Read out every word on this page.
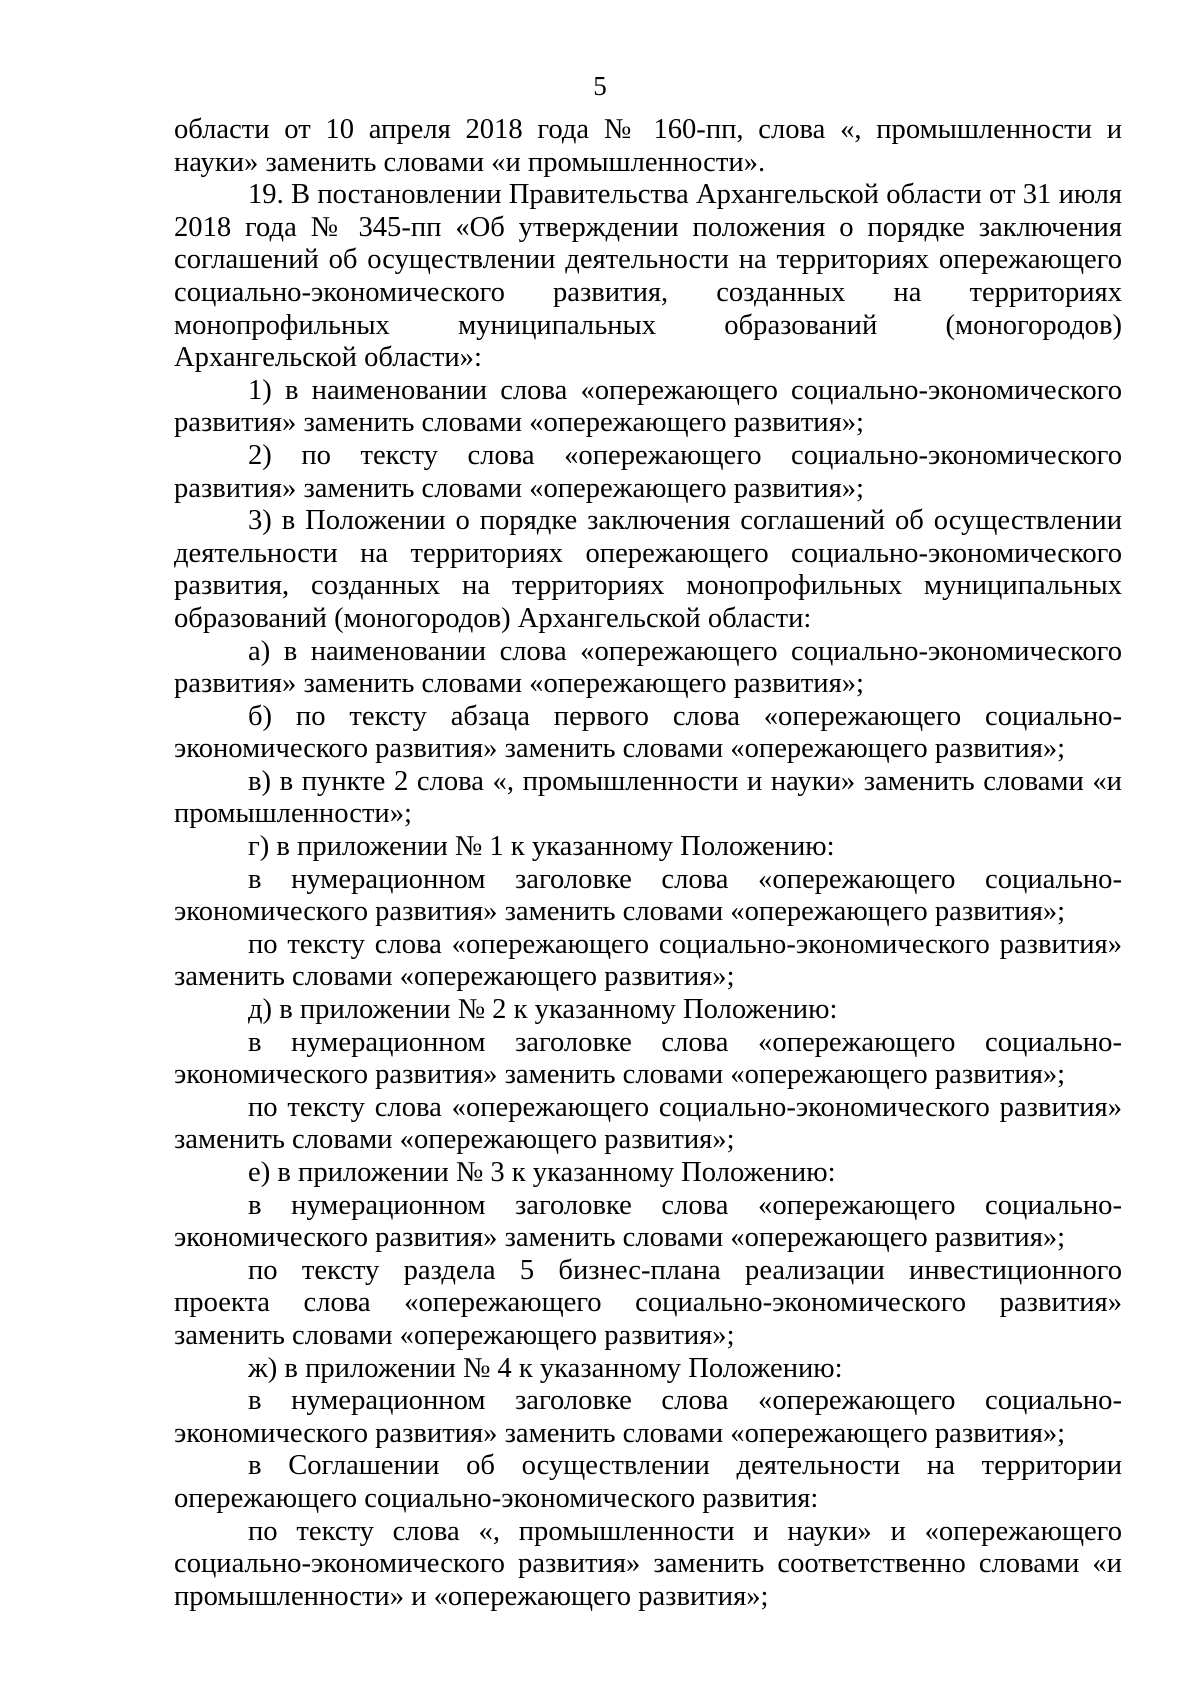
5

области от 10 апреля 2018 года № 160-пп, слова «, промышленности и науки» заменить словами «и промышленности».

19. В постановлении Правительства Архангельской области от 31 июля 2018 года № 345-пп «Об утверждении положения о порядке заключения соглашений об осуществлении деятельности на территориях опережающего социально-экономического развития, созданных на территориях монопрофильных муниципальных образований (моногородов) Архангельской области»:

1) в наименовании слова «опережающего социально-экономического развития» заменить словами «опережающего развития»;

2) по тексту слова «опережающего социально-экономического развития» заменить словами «опережающего развития»;

3) в Положении о порядке заключения соглашений об осуществлении деятельности на территориях опережающего социально-экономического развития, созданных на территориях монопрофильных муниципальных образований (моногородов) Архангельской области:

а) в наименовании слова «опережающего социально-экономического развития» заменить словами «опережающего развития»;

б) по тексту абзаца первого слова «опережающего социально-экономического развития» заменить словами «опережающего развития»;

в) в пункте 2 слова «, промышленности и науки» заменить словами «и промышленности»;

г) в приложении № 1 к указанному Положению:

в нумерационном заголовке слова «опережающего социально-экономического развития» заменить словами «опережающего развития»;

по тексту слова «опережающего социально-экономического развития» заменить словами «опережающего развития»;

д) в приложении № 2 к указанному Положению:

в нумерационном заголовке слова «опережающего социально-экономического развития» заменить словами «опережающего развития»;

по тексту слова «опережающего социально-экономического развития» заменить словами «опережающего развития»;

е) в приложении № 3 к указанному Положению:

в нумерационном заголовке слова «опережающего социально-экономического развития» заменить словами «опережающего развития»;

по тексту раздела 5 бизнес-плана реализации инвестиционного проекта слова «опережающего социально-экономического развития» заменить словами «опережающего развития»;

ж) в приложении № 4 к указанному Положению:

в нумерационном заголовке слова «опережающего социально-экономического развития» заменить словами «опережающего развития»;

в Соглашении об осуществлении деятельности на территории опережающего социально-экономического развития:

по тексту слова «, промышленности и науки» и «опережающего социально-экономического развития» заменить соответственно словами «и промышленности» и «опережающего развития»;
